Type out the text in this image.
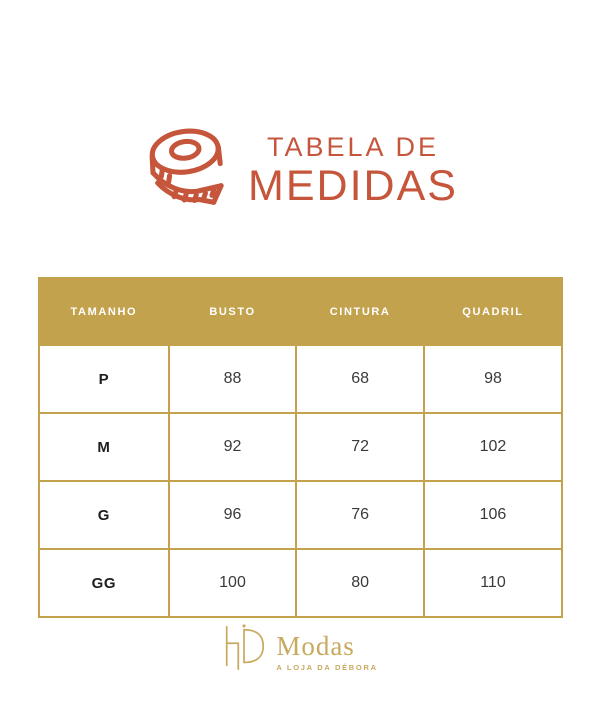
TABELA DE
MEDIDAS
TAMANHO	BUSTO	CINTURA	QUADRIL
P	88	68	98
M	92	72	102
G	96	76	106
GG	100	80	110
Modas
A LOJA DA DÉBORA
